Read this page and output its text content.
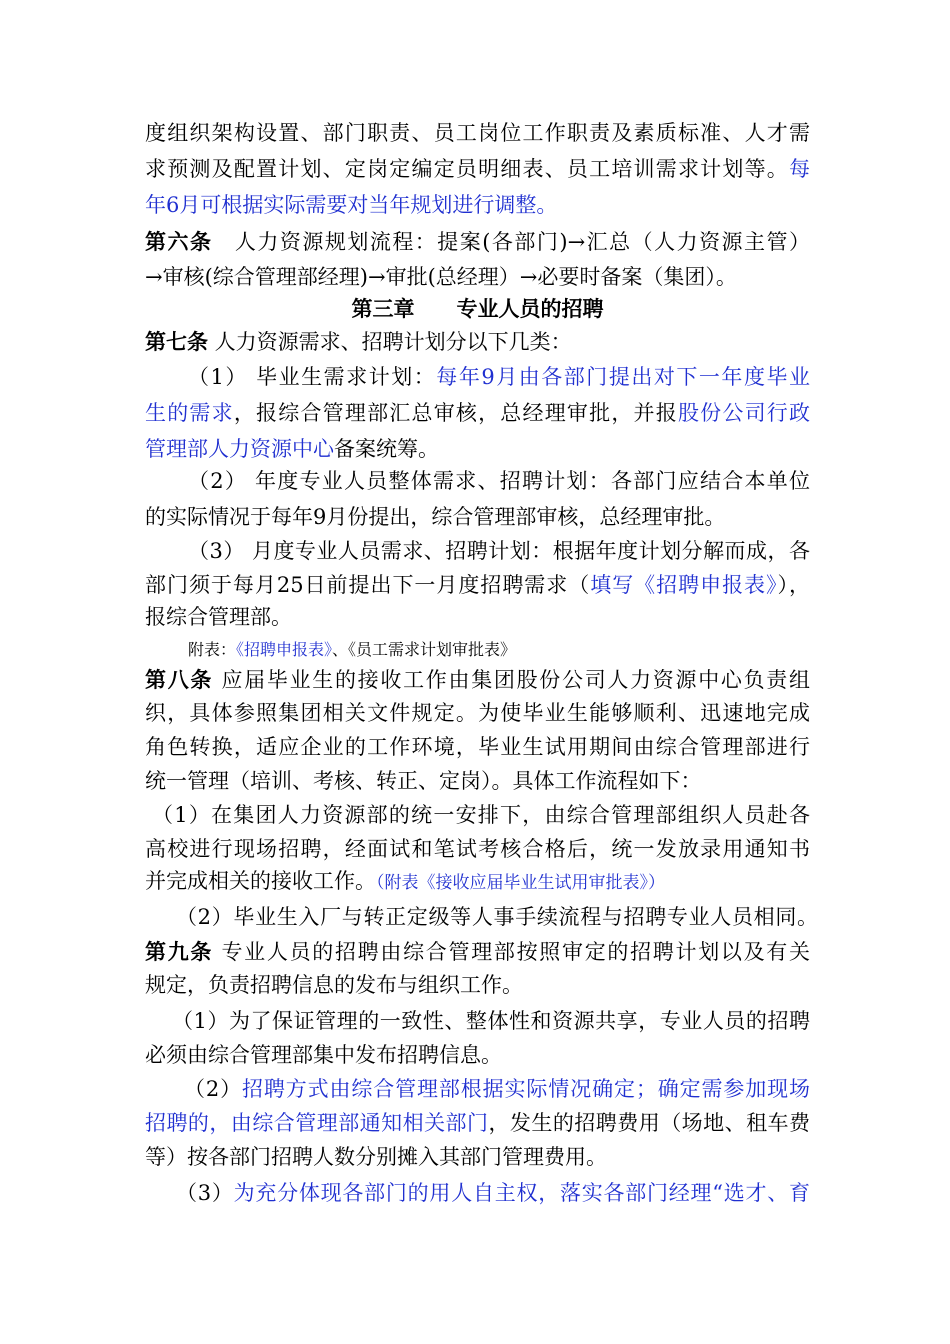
度组织架构设置、部门职责、员工岗位工作职责及素质标准、人才需
求预测及配置计划、定岗定编定员明细表、员工培训需求计划等。每
年6月可根据实际需要对当年规划进行调整。
第六条　人力资源规划流程：提案(各部门)→汇总（人力资源主管）
→审核(综合管理部经理)→审批(总经理）→必要时备案（集团）。
第三章　　专业人员的招聘
第七条 人力资源需求、招聘计划分以下几类：
（1） 毕业生需求计划：每年9月由各部门提出对下一年度毕业
生的需求，报综合管理部汇总审核，总经理审批，并报股份公司行政
管理部人力资源中心备案统筹。
（2） 年度专业人员整体需求、招聘计划：各部门应结合本单位
的实际情况于每年9月份提出，综合管理部审核，总经理审批。
（3） 月度专业人员需求、招聘计划：根据年度计划分解而成，各
部门须于每月25日前提出下一月度招聘需求（填写《招聘申报表》），
报综合管理部。
附表：《招聘申报表》、《员工需求计划审批表》
第八条 应届毕业生的接收工作由集团股份公司人力资源中心负责组
织，具体参照集团相关文件规定。为使毕业生能够顺利、迅速地完成
角色转换，适应企业的工作环境，毕业生试用期间由综合管理部进行
统一管理（培训、考核、转正、定岗）。具体工作流程如下：
（1）在集团人力资源部的统一安排下，由综合管理部组织人员赴各
高校进行现场招聘，经面试和笔试考核合格后，统一发放录用通知书
并完成相关的接收工作。（附表《接收应届毕业生试用审批表》）
（2）毕业生入厂与转正定级等人事手续流程与招聘专业人员相同。
第九条 专业人员的招聘由综合管理部按照审定的招聘计划以及有关
规定，负责招聘信息的发布与组织工作。
（1）为了保证管理的一致性、整体性和资源共享，专业人员的招聘
必须由综合管理部集中发布招聘信息。
（2）招聘方式由综合管理部根据实际情况确定；确定需参加现场
招聘的，由综合管理部通知相关部门，发生的招聘费用（场地、租车费
等）按各部门招聘人数分别摊入其部门管理费用。
（3）为充分体现各部门的用人自主权，落实各部门经理“选才、育
